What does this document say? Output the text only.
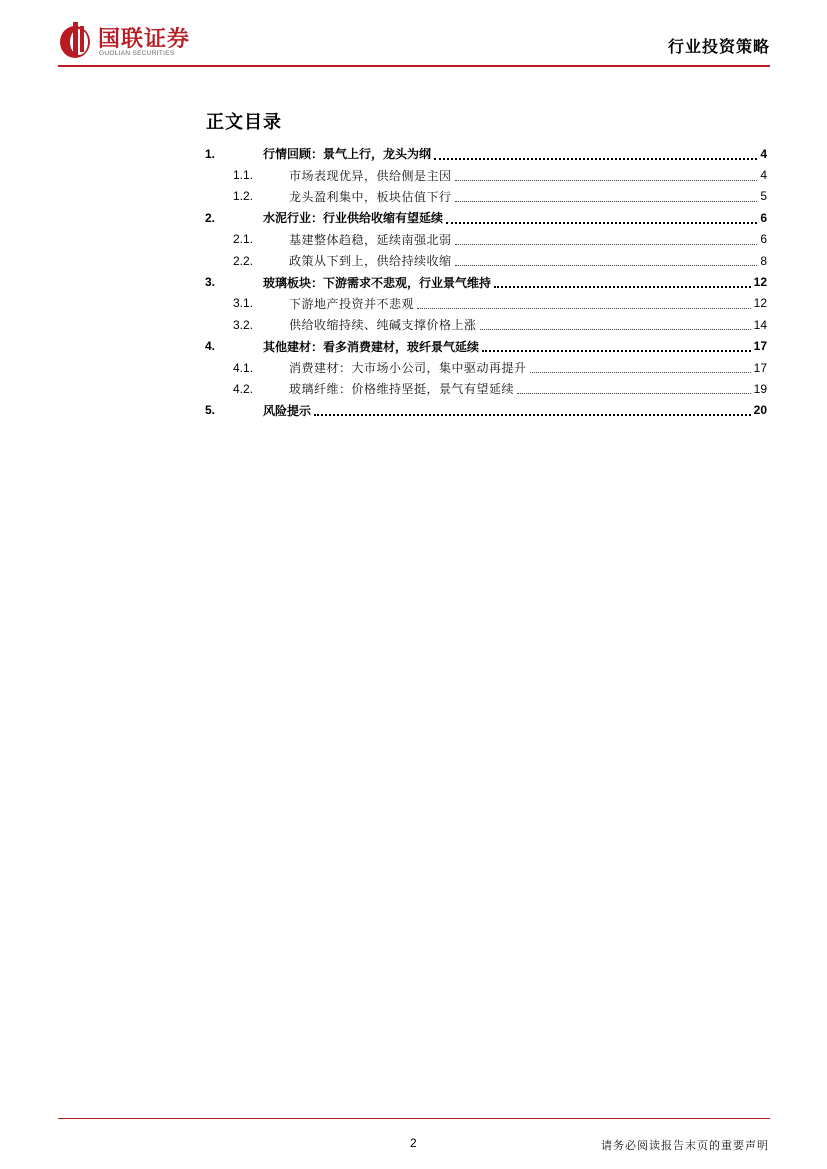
国联证券
GUOLIAN SECURITIES	行业投资策略
正文目录
1.	行情回顾：景气上行，龙头为纲	4
1.1.	市场表现优异，供给侧是主因	4
1.2.	龙头盈利集中，板块估值下行	5
2.	水泥行业：行业供给收缩有望延续	6
2.1.	基建整体趋稳，延续南强北弱	6
2.2.	政策从下到上，供给持续收缩	8
3.	玻璃板块：下游需求不悲观，行业景气维持	12
3.1.	下游地产投资并不悲观	12
3.2.	供给收缩持续、纯碱支撑价格上涨	14
4.	其他建材：看多消费建材，玻纤景气延续	17
4.1.	消费建材：大市场小公司，集中驱动再提升	17
4.2.	玻璃纤维：价格维持坚挺，景气有望延续	19
5.	风险提示	20
2	请务必阅读报告末页的重要声明
